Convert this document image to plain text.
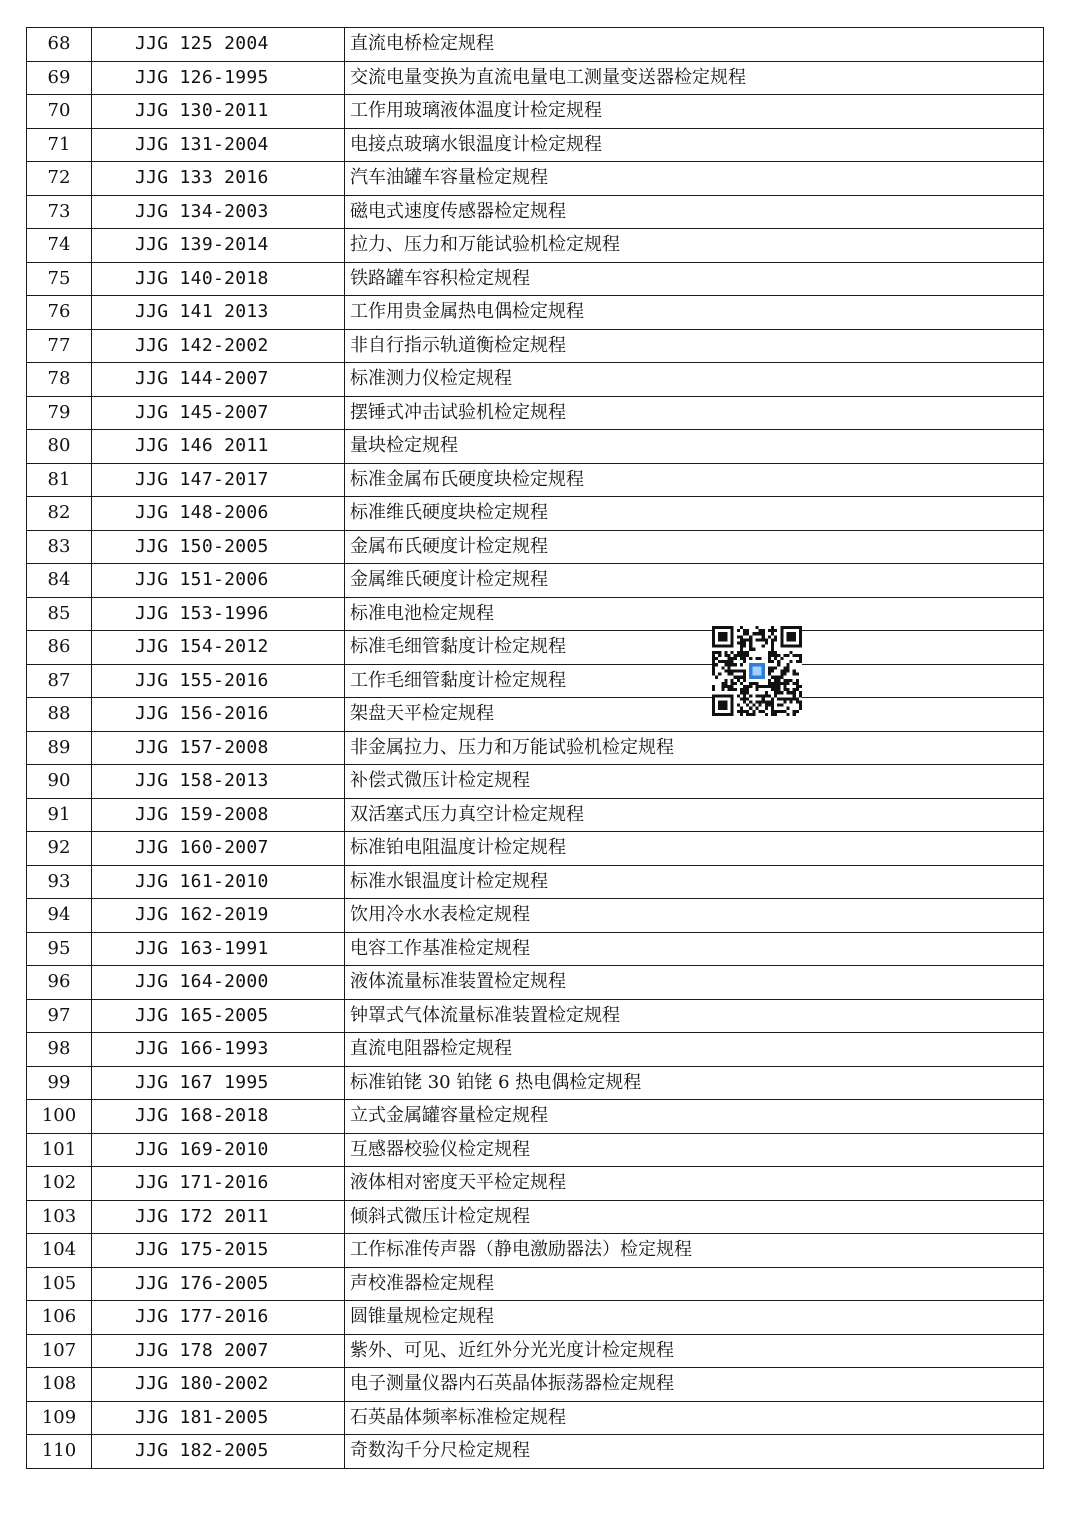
68	JJG 125 2004	直流电桥检定规程
69	JJG 126-1995	交流电量变换为直流电量电工测量变送器检定规程
70	JJG 130-2011	工作用玻璃液体温度计检定规程
71	JJG 131-2004	电接点玻璃水银温度计检定规程
72	JJG 133 2016	汽车油罐车容量检定规程
73	JJG 134-2003	磁电式速度传感器检定规程
74	JJG 139-2014	拉力、压力和万能试验机检定规程
75	JJG 140-2018	铁路罐车容积检定规程
76	JJG 141 2013	工作用贵金属热电偶检定规程
77	JJG 142-2002	非自行指示轨道衡检定规程
78	JJG 144-2007	标准测力仪检定规程
79	JJG 145-2007	摆锤式冲击试验机检定规程
80	JJG 146 2011	量块检定规程
81	JJG 147-2017	标准金属布氏硬度块检定规程
82	JJG 148-2006	标准维氏硬度块检定规程
83	JJG 150-2005	金属布氏硬度计检定规程
84	JJG 151-2006	金属维氏硬度计检定规程
85	JJG 153-1996	标准电池检定规程
86	JJG 154-2012	标准毛细管黏度计检定规程
87	JJG 155-2016	工作毛细管黏度计检定规程
88	JJG 156-2016	架盘天平检定规程
89	JJG 157-2008	非金属拉力、压力和万能试验机检定规程
90	JJG 158-2013	补偿式微压计检定规程
91	JJG 159-2008	双活塞式压力真空计检定规程
92	JJG 160-2007	标准铂电阻温度计检定规程
93	JJG 161-2010	标准水银温度计检定规程
94	JJG 162-2019	饮用冷水水表检定规程
95	JJG 163-1991	电容工作基准检定规程
96	JJG 164-2000	液体流量标准装置检定规程
97	JJG 165-2005	钟罩式气体流量标准装置检定规程
98	JJG 166-1993	直流电阻器检定规程
99	JJG 167 1995	标准铂铑 30 铂铑 6 热电偶检定规程
100	JJG 168-2018	立式金属罐容量检定规程
101	JJG 169-2010	互感器校验仪检定规程
102	JJG 171-2016	液体相对密度天平检定规程
103	JJG 172 2011	倾斜式微压计检定规程
104	JJG 175-2015	工作标准传声器（静电激励器法）检定规程
105	JJG 176-2005	声校准器检定规程
106	JJG 177-2016	圆锥量规检定规程
107	JJG 178 2007	紫外、可见、近红外分光光度计检定规程
108	JJG 180-2002	电子测量仪器内石英晶体振荡器检定规程
109	JJG 181-2005	石英晶体频率标准检定规程
110	JJG 182-2005	奇数沟千分尺检定规程
